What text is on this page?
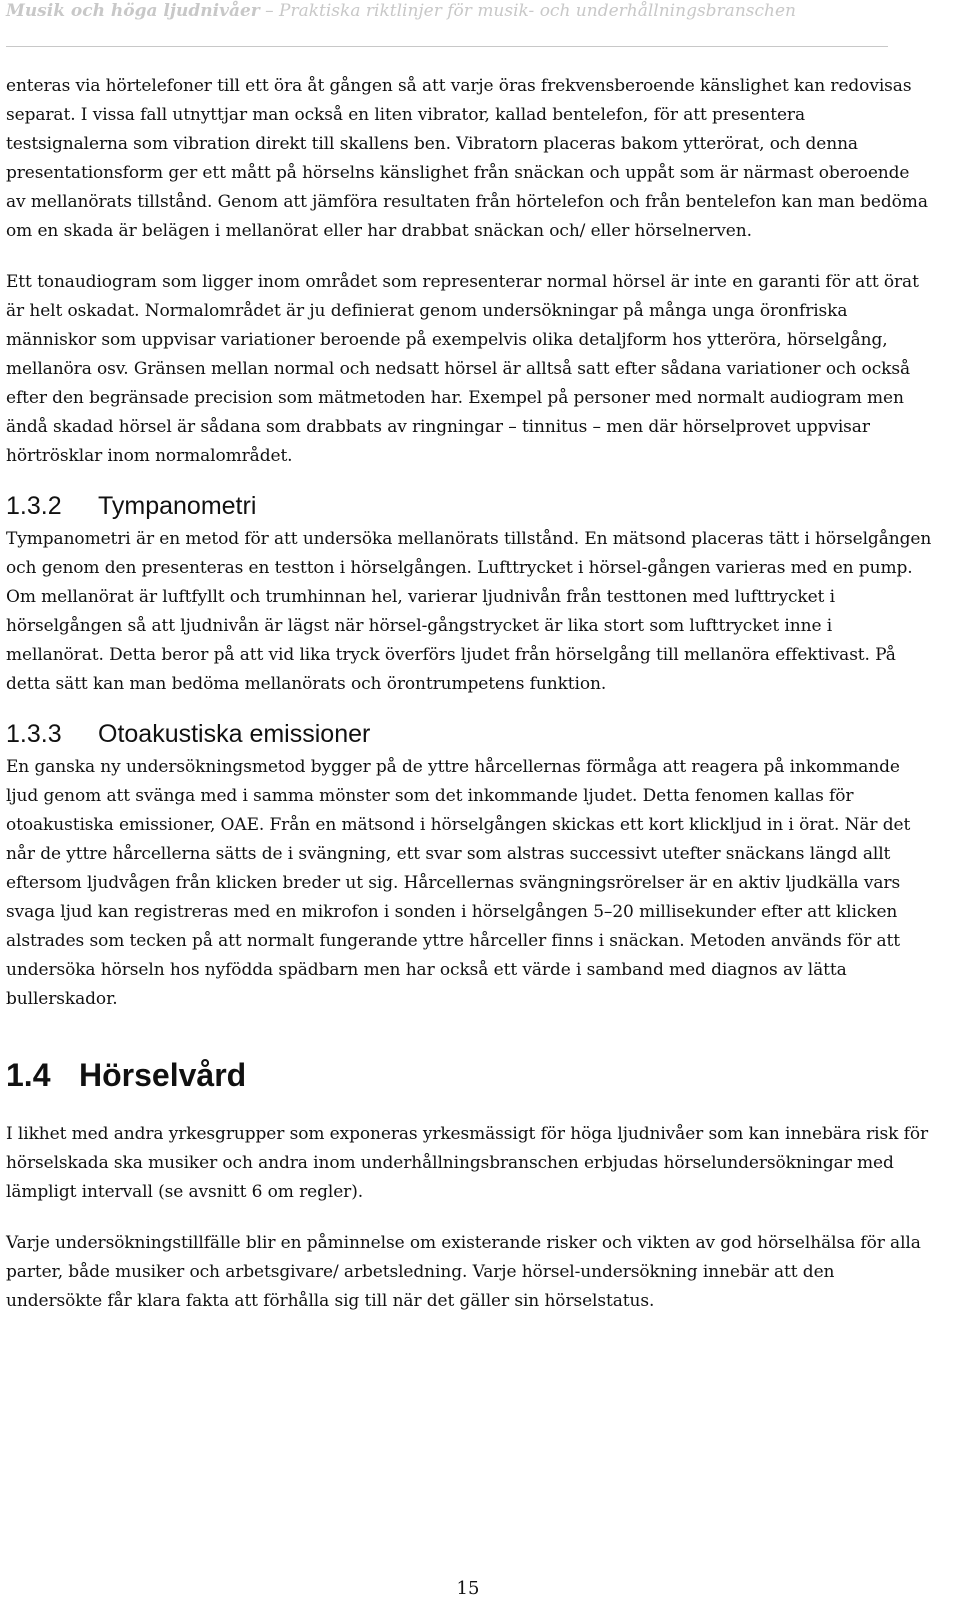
Musik och höga ljudnivåer – Praktiska riktlinjer för musik- och underhållningsbranschen

enteras via hörtelefoner till ett öra åt gången så att varje öras frekvensberoende känslighet kan redovisas separat. I vissa fall utnyttjar man också en liten vibrator, kallad bentelefon, för att presentera testsignalerna som vibration direkt till skallens ben. Vibratorn placeras bakom ytterörat, och denna presentationsform ger ett mått på hörselns känslighet från snäckan och uppåt som är närmast oberoende av mellanörats tillstånd. Genom att jämföra resultaten från hörtelefon och från bentelefon kan man bedöma om en skada är belägen i mellanörat eller har drabbat snäckan och/ eller hörselnerven.

Ett tonaudiogram som ligger inom området som representerar normal hörsel är inte en garanti för att örat är helt oskadat. Normalområdet är ju definierat genom undersökningar på många unga öronfriska människor som uppvisar variationer beroende på exempelvis olika detaljform hos ytteröra, hörselgång, mellanöra osv. Gränsen mellan normal och nedsatt hörsel är alltså satt efter sådana variationer och också efter den begränsade precision som mätmetoden har. Exempel på personer med normalt audiogram men ändå skadad hörsel är sådana som drabbats av ringningar – tinnitus – men där hörselprovet uppvisar hörtrösklar inom normalområdet.

1.3.2	Tympanometri

Tympanometri är en metod för att undersöka mellanörats tillstånd. En mätsond placeras tätt i hörselgången och genom den presenteras en testton i hörselgången. Lufttrycket i hörsel-gången varieras med en pump. Om mellanörat är luftfyllt och trumhinnan hel, varierar ljudnivån från testtonen med lufttrycket i hörselgången så att ljudnivån är lägst när hörsel-gångstrycket är lika stort som lufttrycket inne i mellanörat. Detta beror på att vid lika tryck överförs ljudet från hörselgång till mellanöra effektivast. På detta sätt kan man bedöma mellanörats och örontrumpetens funktion.

1.3.3	Otoakustiska emissioner

En ganska ny undersökningsmetod bygger på de yttre hårcellernas förmåga att reagera på inkommande ljud genom att svänga med i samma mönster som det inkommande ljudet. Detta fenomen kallas för otoakustiska emissioner, OAE. Från en mätsond i hörselgången skickas ett kort klickljud in i örat. När det når de yttre hårcellerna sätts de i svängning, ett svar som alstras successivt utefter snäckans längd allt eftersom ljudvågen från klicken breder ut sig. Hårcellernas svängningsrörelser är en aktiv ljudkälla vars svaga ljud kan registreras med en mikrofon i sonden i hörselgången 5–20 millisekunder efter att klicken alstrades som tecken på att normalt fungerande yttre hårceller finns i snäckan. Metoden används för att undersöka hörseln hos nyfödda spädbarn men har också ett värde i samband med diagnos av lätta bullerskador.

1.4 Hörselvård

I likhet med andra yrkesgrupper som exponeras yrkesmässigt för höga ljudnivåer som kan innebära risk för hörselskada ska musiker och andra inom underhållningsbranschen erbjudas hörselundersökningar med lämpligt intervall (se avsnitt 6 om regler).

Varje undersökningstillfälle blir en påminnelse om existerande risker och vikten av god hörselhälsa för alla parter, både musiker och arbetsgivare/ arbetsledning. Varje hörsel-undersökning innebär att den undersökte får klara fakta att förhålla sig till när det gäller sin hörselstatus.

15
